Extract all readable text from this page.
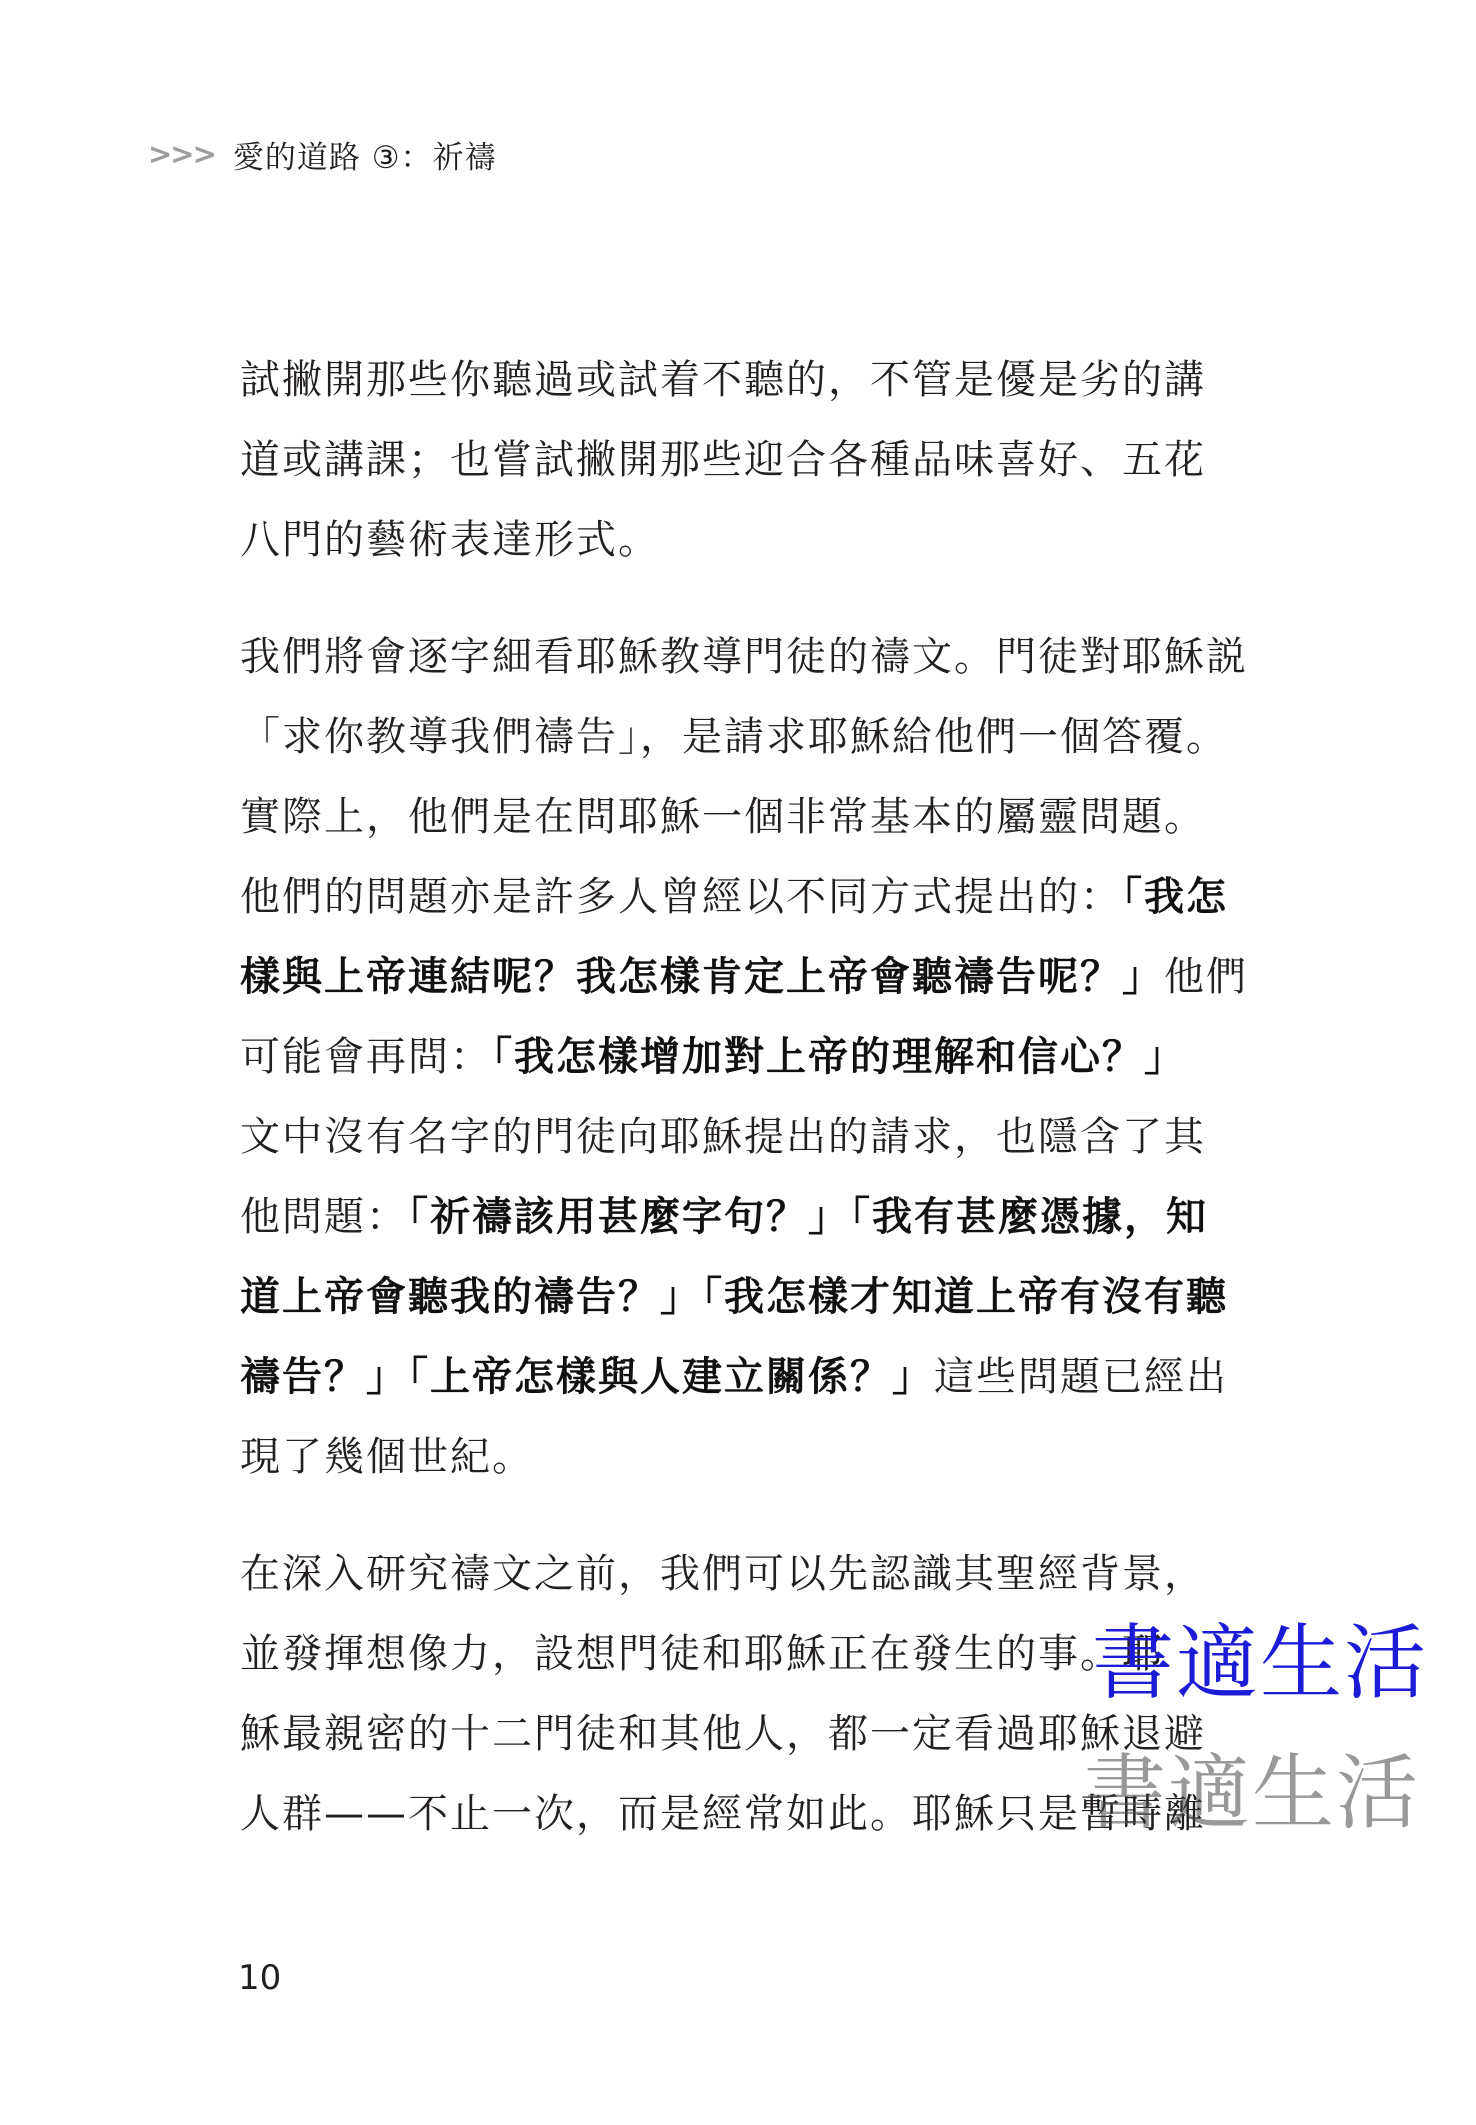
>>> 愛的道路 ③：祈禱

試撇開那些你聽過或試着不聽的，不管是優是劣的講
道或講課；也嘗試撇開那些迎合各種品味喜好、五花
八門的藝術表達形式。

我們將會逐字細看耶穌教導門徒的禱文。門徒對耶穌説
「求你教導我們禱告」，是請求耶穌給他們一個答覆。
實際上，他們是在問耶穌一個非常基本的屬靈問題。
他們的問題亦是許多人曾經以不同方式提出的：「我怎
樣與上帝連結呢？我怎樣肯定上帝會聽禱告呢？」他們
可能會再問：「我怎樣增加對上帝的理解和信心？」
文中沒有名字的門徒向耶穌提出的請求，也隱含了其
他問題：「祈禱該用甚麼字句？」「我有甚麼憑據，知
道上帝會聽我的禱告？」「我怎樣才知道上帝有沒有聽
禱告？」「上帝怎樣與人建立關係？」這些問題已經出
現了幾個世紀。

在深入研究禱文之前，我們可以先認識其聖經背景，
並發揮想像力，設想門徒和耶穌正在發生的事。耶
穌最親密的十二門徒和其他人，都一定看過耶穌退避
人群——不止一次，而是經常如此。耶穌只是暫時離

10
書適生活
書適生活
